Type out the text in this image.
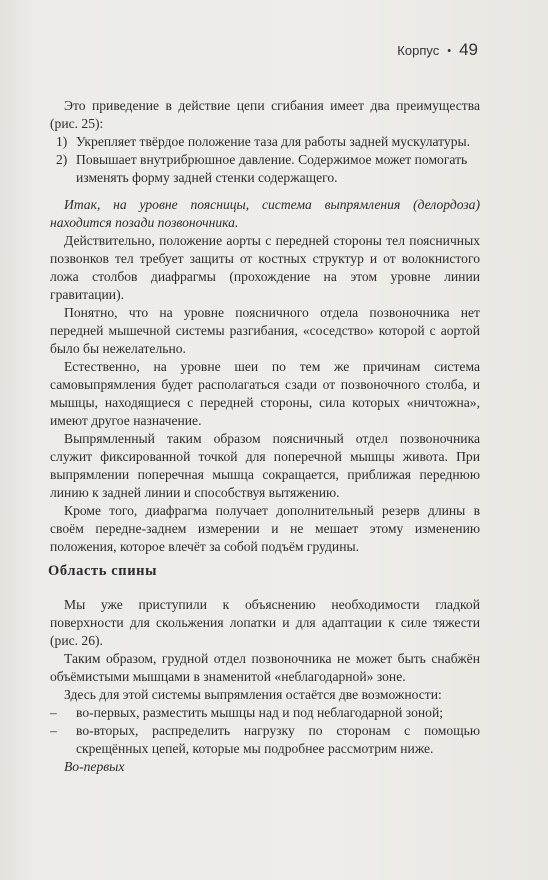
Корпус • 49

Это приведение в действие цепи сгибания имеет два преимущества (рис. 25):

1) Укрепляет твёрдое положение таза для работы задней мускулатуры.
2) Повышает внутрибрюшное давление. Содержимое может помогать изменять форму задней стенки содержащего.

Итак, на уровне поясницы, система выпрямления (делордоза) находится позади позвоночника.

Действительно, положение аорты с передней стороны тел поясничных позвонков тел требует защиты от костных структур и от волокнистого ложа столбов диафрагмы (прохождение на этом уровне линии гравитации).

Понятно, что на уровне поясничного отдела позвоночника нет передней мышечной системы разгибания, «соседство» которой с аортой было бы нежелательно.

Естественно, на уровне шеи по тем же причинам система самовыпрямления будет располагаться сзади от позвоночного столба, и мышцы, находящиеся с передней стороны, сила которых «ничтожна», имеют другое назначение.

Выпрямленный таким образом поясничный отдел позвоночника служит фиксированной точкой для поперечной мышцы живота. При выпрямлении поперечная мышца сокращается, приближая переднюю линию к задней линии и способствуя вытяжению.

Кроме того, диафрагма получает дополнительный резерв длины в своём передне-заднем измерении и не мешает этому изменению положения, которое влечёт за собой подъём грудины.

Область спины

Мы уже приступили к объяснению необходимости гладкой поверхности для скольжения лопатки и для адаптации к силе тяжести (рис. 26).

Таким образом, грудной отдел позвоночника не может быть снабжён объёмистыми мышцами в знаменитой «неблагодарной» зоне.

Здесь для этой системы выпрямления остаётся две возможности:

– во-первых, разместить мышцы над и под неблагодарной зоной;
– во-вторых, распределить нагрузку по сторонам с помощью скрещённых цепей, которые мы подробнее рассмотрим ниже.

Во-первых
